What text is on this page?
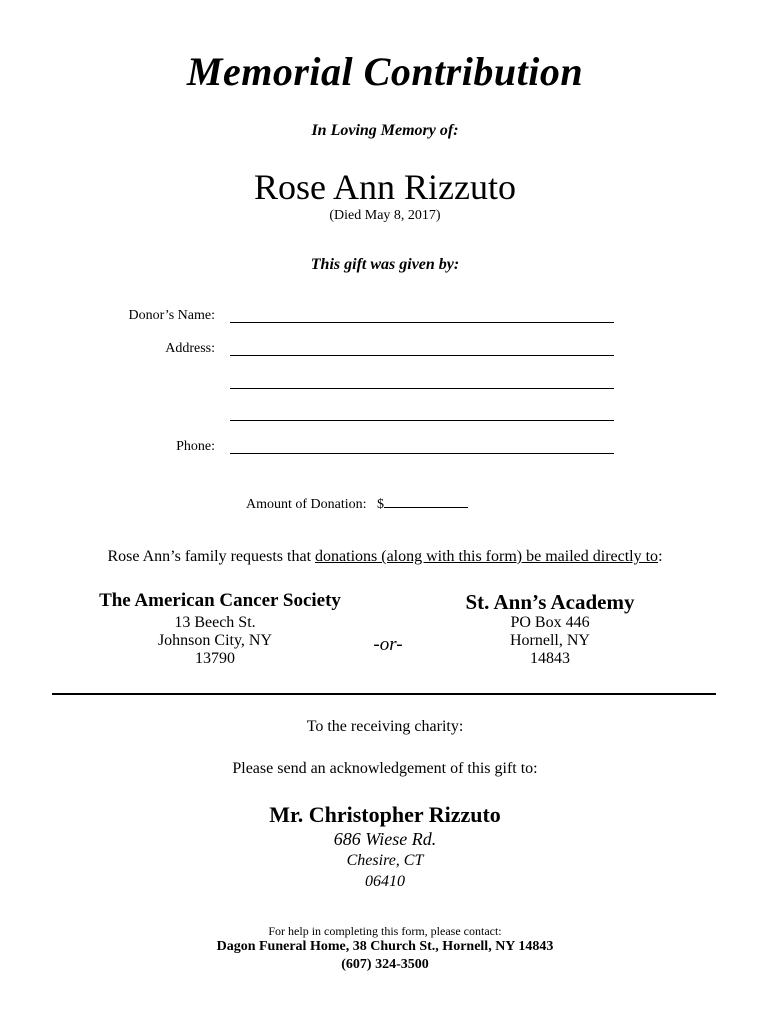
Memorial Contribution
In Loving Memory of:
Rose Ann Rizzuto
(Died May 8, 2017)
This gift was given by:
Donor’s Name:
Address:
Phone:
Amount of Donation: $
Rose Ann’s family requests that donations (along with this form) be mailed directly to:
The American Cancer Society
13 Beech St.
Johnson City, NY
13790
-or-
St. Ann’s Academy
PO Box 446
Hornell, NY
14843
To the receiving charity:
Please send an acknowledgement of this gift to:
Mr. Christopher Rizzuto
686 Wiese Rd.
Chesire, CT
06410
For help in completing this form, please contact:
Dagon Funeral Home, 38 Church St., Hornell, NY 14843
(607) 324-3500
